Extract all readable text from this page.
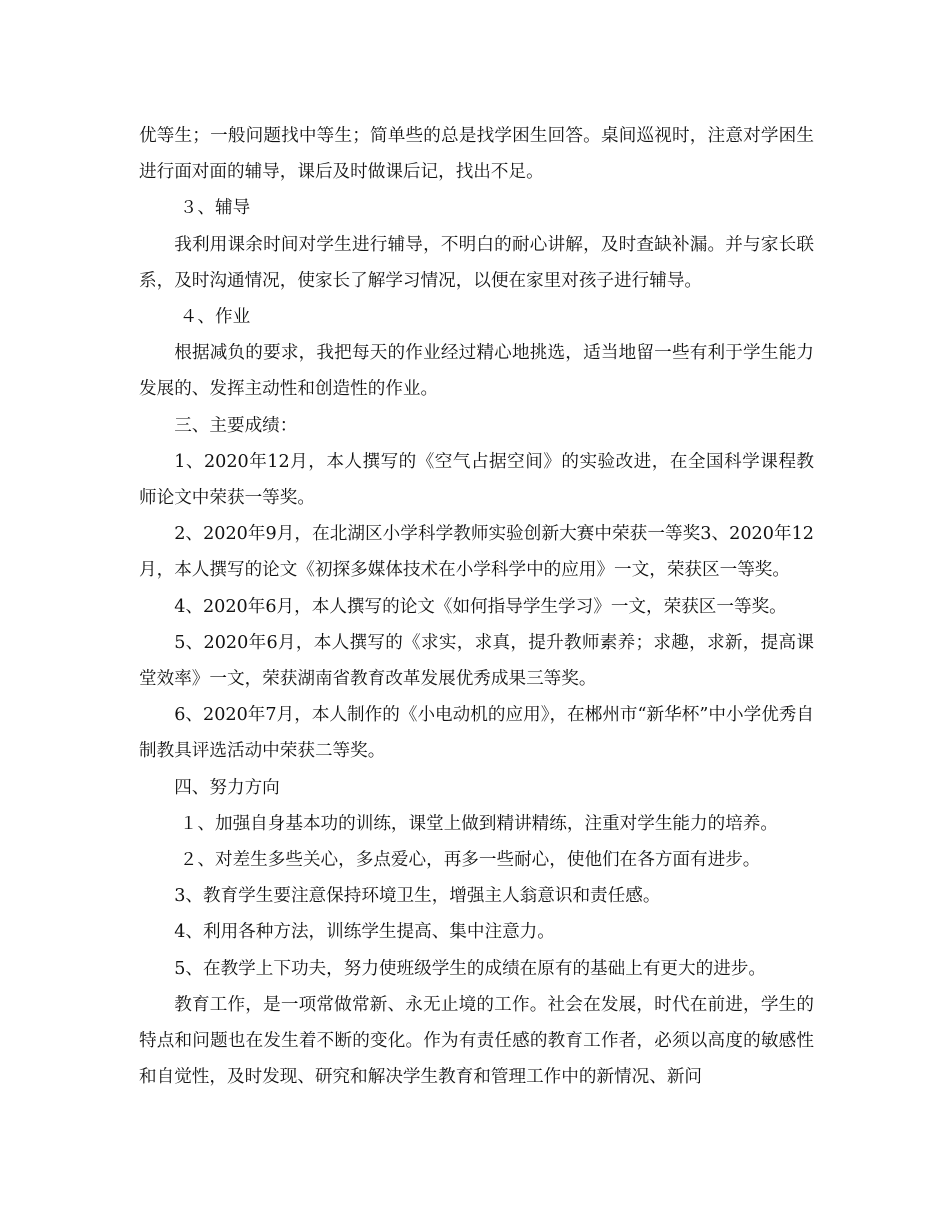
优等生；一般问题找中等生；简单些的总是找学困生回答。桌间巡视时，注意对学困生进行面对面的辅导，课后及时做课后记，找出不足。

３、辅导

我利用课余时间对学生进行辅导，不明白的耐心讲解，及时查缺补漏。并与家长联系，及时沟通情况，使家长了解学习情况，以便在家里对孩子进行辅导。

４、作业

根据减负的要求，我把每天的作业经过精心地挑选，适当地留一些有利于学生能力发展的、发挥主动性和创造性的作业。

三、主要成绩：

1、2020年12月，本人撰写的《空气占据空间》的实验改进，在全国科学课程教师论文中荣获一等奖。

2、2020年9月，在北湖区小学科学教师实验创新大赛中荣获一等奖3、2020年12月，本人撰写的论文《初探多媒体技术在小学科学中的应用》一文，荣获区一等奖。

4、2020年6月，本人撰写的论文《如何指导学生学习》一文，荣获区一等奖。

5、2020年6月，本人撰写的《求实，求真，提升教师素养；求趣，求新，提高课堂效率》一文，荣获湖南省教育改革发展优秀成果三等奖。

6、2020年7月，本人制作的《小电动机的应用》，在郴州市“新华杯”中小学优秀自制教具评选活动中荣获二等奖。

四、努力方向

１、加强自身基本功的训练，课堂上做到精讲精练，注重对学生能力的培养。

２、对差生多些关心，多点爱心，再多一些耐心，使他们在各方面有进步。

3、教育学生要注意保持环境卫生，增强主人翁意识和责任感。

4、利用各种方法，训练学生提高、集中注意力。

5、在教学上下功夫，努力使班级学生的成绩在原有的基础上有更大的进步。

教育工作，是一项常做常新、永无止境的工作。社会在发展，时代在前进，学生的特点和问题也在发生着不断的变化。作为有责任感的教育工作者，必须以高度的敏感性和自觉性，及时发现、研究和解决学生教育和管理工作中的新情况、新问
